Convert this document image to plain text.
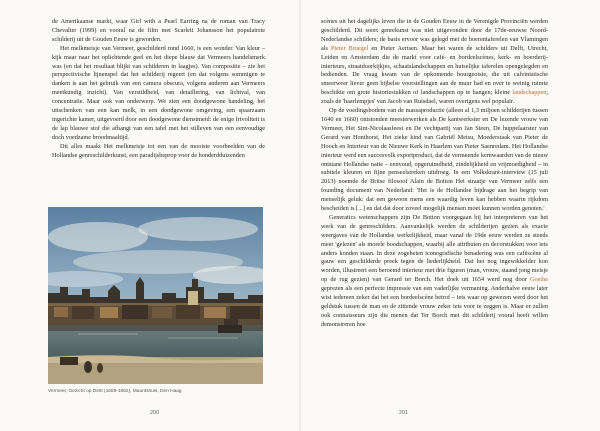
de Amerikaanse markt, waar Girl with a Pearl Earring na de roman van Tracy Chevalier (1999) en vooral na de film met Scarlett Johansson het populairste schilderij uit de Gouden Eeuw is geworden.

Het melkmeisje van Vermeer, geschilderd rond 1660, is een wonder. Van kleur – kijk maar naar het oplichtende geel en het diepe blauw dat Vermeers handelsmerk was (en dat het resultaat blijkt van schilderen in laagjes). Van compositie – zie het perspectivische lijnenspel dat het schilderij regeert (en dat volgens sommigen te danken is aan het gebruik van een camera obscura, volgens anderen aan Vermeers meetkundig inzicht). Van verstildheid, van detaillering, van lichtval, van concentratie. Maar ook van onderwerp. We zien een doodgewone handeling, het uitschenken van een kan melk, in een doodgewone omgeving, een spaarzaam ingerichte kamer, uitgevoerd door een doodgewone dienstmeid: de enige frivoliteit is de lap blauwe stof die afhangt van een tafel met het stilleven van een eenvoudige doch voedzame broodmaaltijd.

Dit alles maakt Het melkmeisje tot een van de mooiste voorbeelden van de Hollandse genreschilderkunst, een paradijsbeprop voor de honderdduizenden

Vermeer, Gezicht op Delft (1659-1662), Mauritshuis, Den Haag
200

scènes uit het dagelijks leven die in de Gouden Eeuw in de Verenigde Provinciën werden geschilderd. Dit soort genrekunst was niet uitgevonden door de 17de-eeuwse Noord-Nederlandse schilders; de basis ervoor was gelegd met de boerentaferelen van Vlamingen als Pieter Bruegel en Pieter Aertsen. Maar het waren de schilders uit Delft, Utrecht, Leiden en Amsterdam die de markt voor café- en bordeelscènes, kerk- en boerderij-interieurs, straatdoorkijkjes, schaatslandschappen en huiselijke taferelen opengelegden en bedienden. De vraag kwam van de opkomende bourgeoisie, die uit calvinistische smeerweer liever geen bijbelse voorstellingen aan de muur had en over te weinig ruimte beschikte om grote historiestukken of landschappen op te hangen; kleine landschappen, zoals de 'haarlempjes' van Jacob van Ruisdael, waren overigens wel populair.

Op de voedingsbodem van de massaproductie (alleen al 1,3 miljoen schilderijen tussen 1640 en 1660) ontstonden meesterwerken als De kantwerkster en De lezende vrouw van Vermeer, Het Sint-Nicolaasfeest en De vechtpartij van Jan Steen, De huppelaarster van Gerard van Honthorst, Het zieke kind van Gabriël Metsu, Moederstaak van Pieter de Hooch en Interieur van de Nieuwe Kerk in Haarlem van Pieter Saenredam. Het Hollandse interieur werd een succesvolk exportproduct, dat de vermeende kernwaarden van de nieuw ontstane Hollandse natie – eenvoud, opgeruimdheid, zindelijkheid en vrijmoedigheid – in subtiele kleuren en fijne penseelstreken uitdroeg. In een Volkskrant-interview (15 juli 2013) noemde de Britse filosoof Alain de Botton Het straatje van Vermeer zelfs een founding document van Nederland: 'Het is de Hollandse bijdrage aan het begrip van menselijk geluk: dat een gewoon mens een waardig leven kan hebben waarin rijkdom bescheiden is [...] en dat dat door zoveel mogelijk mensen moet kunnen worden genoten.'

Generatics wetenschappers zijn De Botton voorgegaan bij het interpreteren van het werk van de genreschilders. Aanvankelijk werden de schilderijen gezien als exacte weergaves van de Hollandse werkelijkheid, maar vanaf de 19de eeuw werden ze steeds meer 'gelezen' als morele boodschappen, waarbij alle attributen en decorstukken voor iets anders konden staan. In deze zogeheten iconografische benadering was een cafëscène al gauw een geschilderde preek tegen de liederlijkheid. Dat het nog ingewikkelder kon worden, illustreert een beroemd interieur met drie figuren (man, vrouw, staand jong meisje op de rug gezien) van Gerard ter Borch. Het doek uit 1654 werd nog door Goethe geprezen als een perfecte impressie van een vaderlijke vermaning. Anderhalve eeuw later wist iedereen zeker dat het een bordeelscène betrof – iets waar op gewezen werd door het geldstuk tussen de man en de zittende vrouw zeker iets voor te zeggen is. Maar er zullen ook connaisseurs zijn die menen dat Ter Borch met dit schilderij vooral heeft willen demonstreren hoe

201
